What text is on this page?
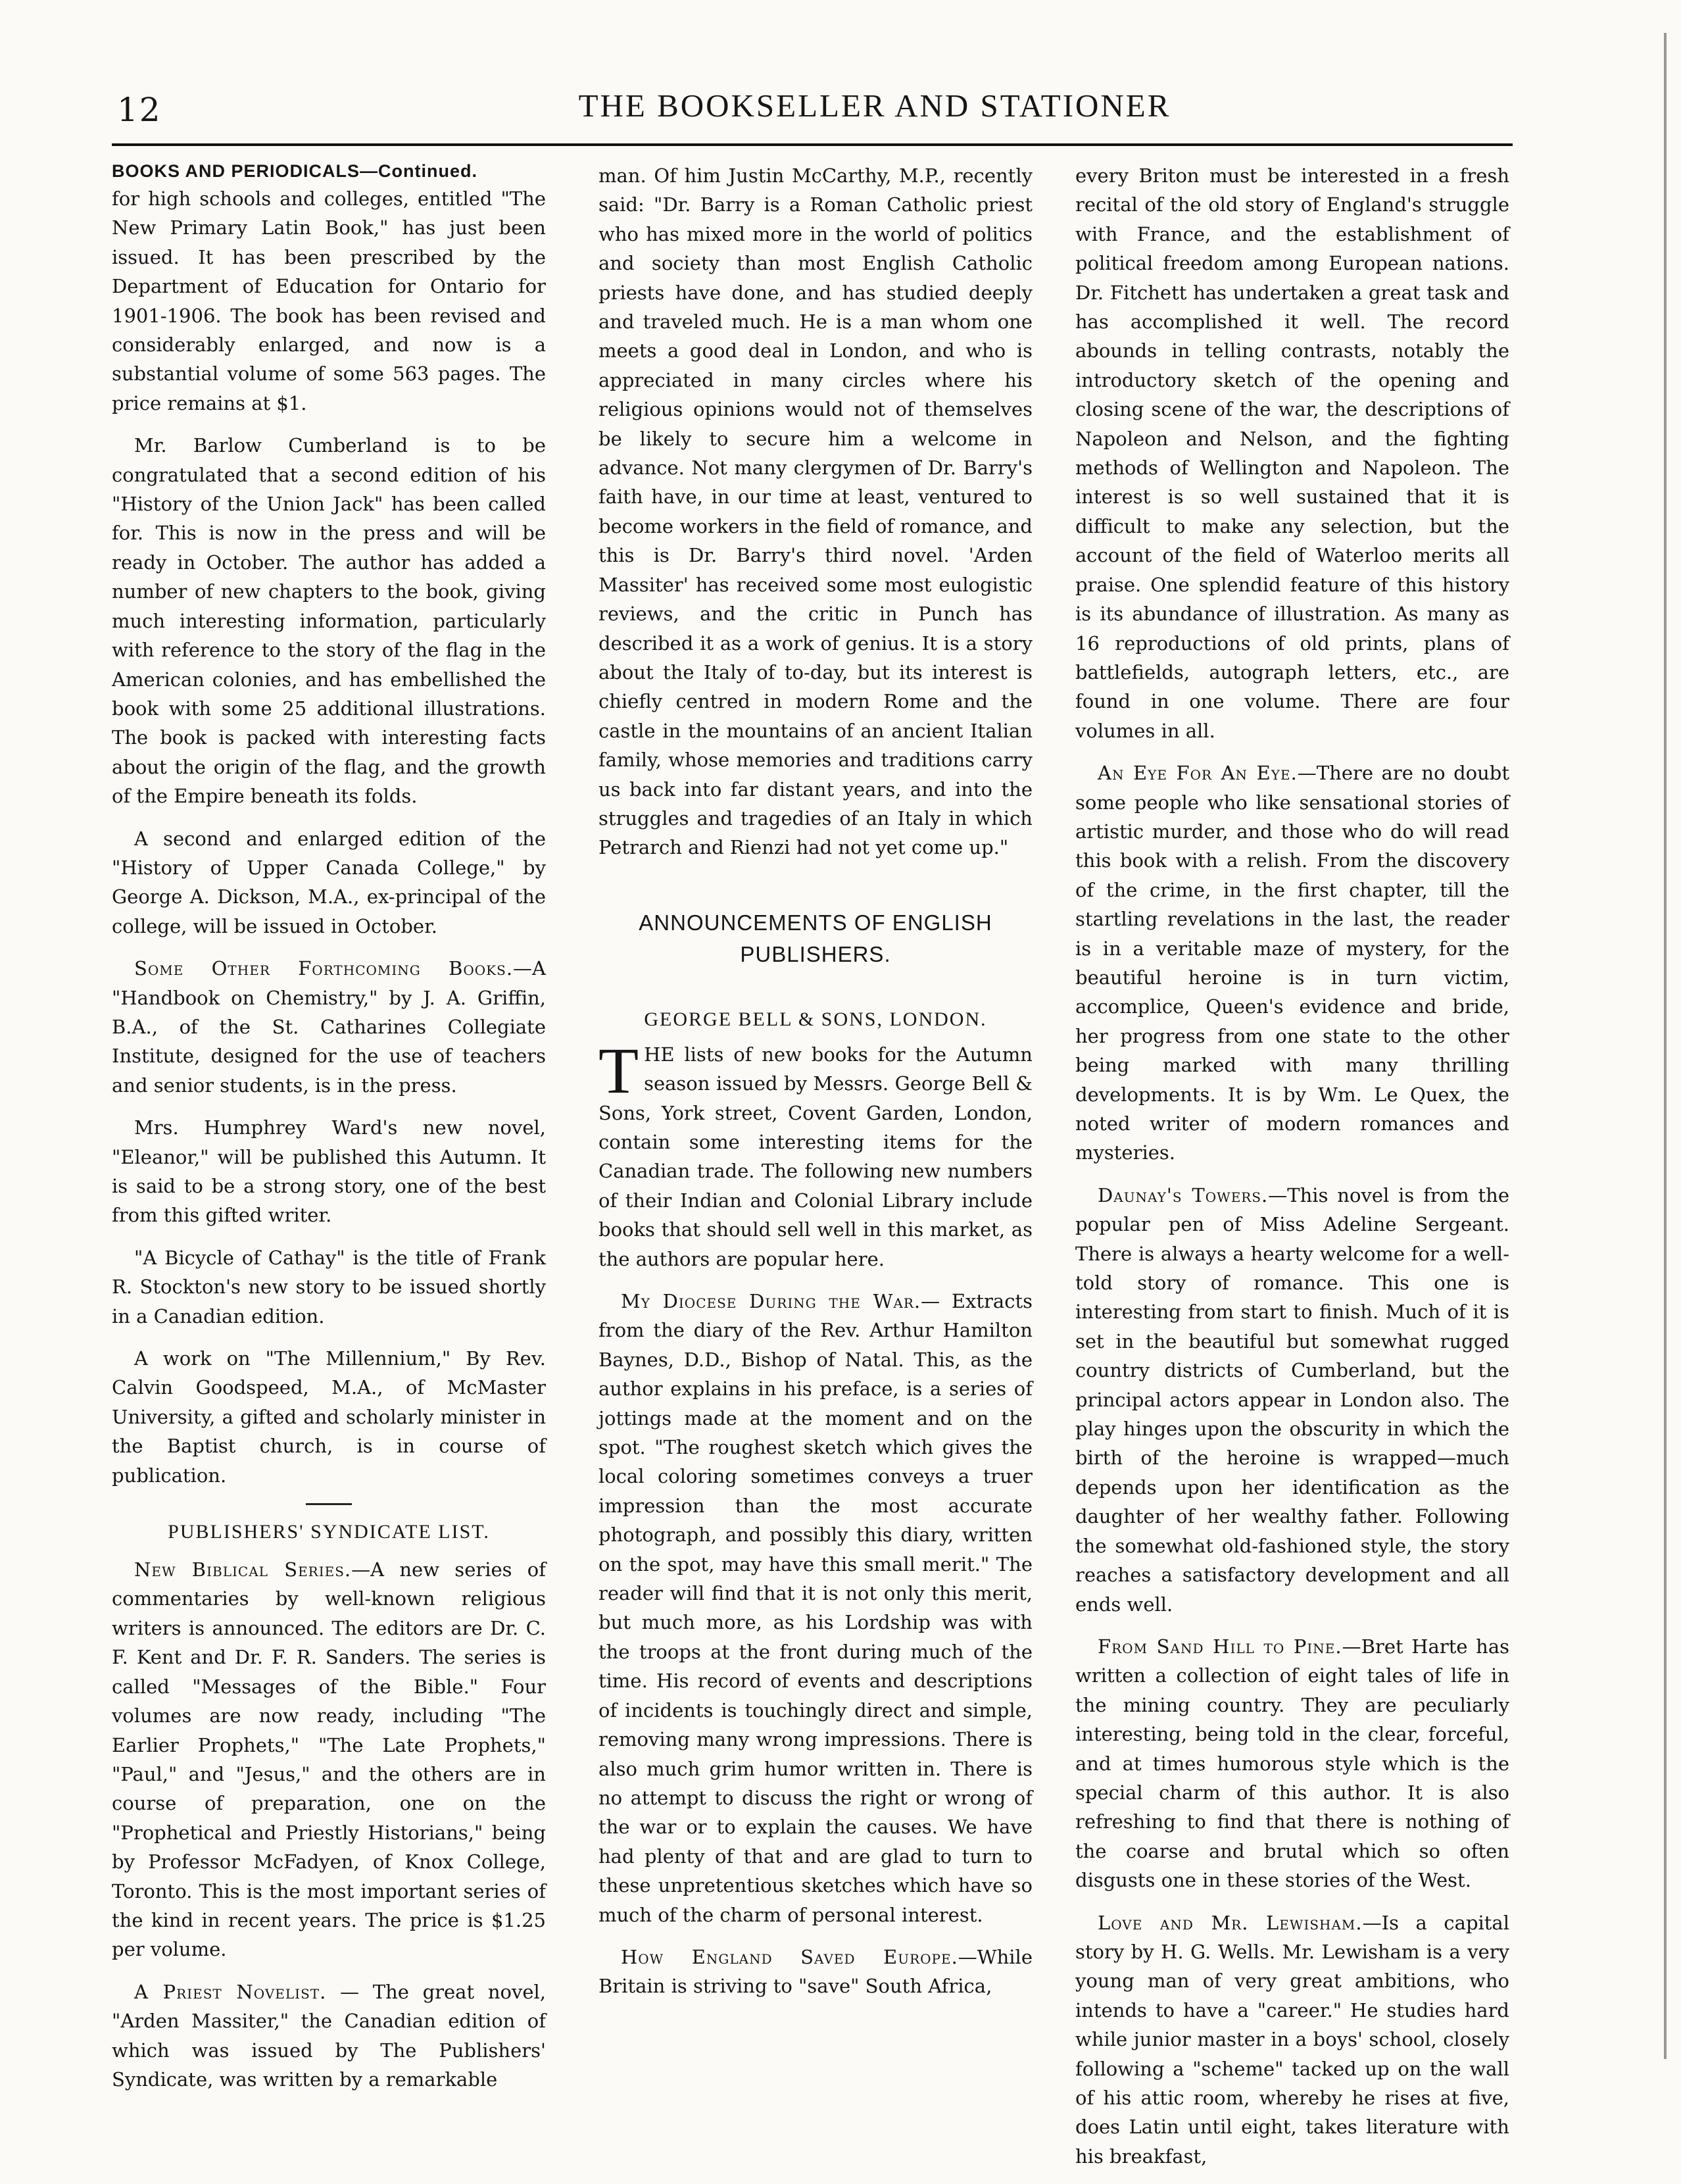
12	THE BOOKSELLER AND STATIONER
BOOKS AND PERIODICALS—Continued.

for high schools and colleges, entitled "The New Primary Latin Book," has just been issued. It has been prescribed by the Department of Education for Ontario for 1901-1906. The book has been revised and considerably enlarged, and now is a substantial volume of some 563 pages. The price remains at $1.

Mr. Barlow Cumberland is to be congratulated that a second edition of his "History of the Union Jack" has been called for. This is now in the press and will be ready in October. The author has added a number of new chapters to the book, giving much interesting information, particularly with reference to the story of the flag in the American colonies, and has embellished the book with some 25 additional illustrations. The book is packed with interesting facts about the origin of the flag, and the growth of the Empire beneath its folds.

A second and enlarged edition of the "History of Upper Canada College," by George A. Dickson, M.A., ex-principal of the college, will be issued in October.

Some Other Forthcoming Books.—A "Handbook on Chemistry," by J. A. Griffin, B.A., of the St. Catharines Collegiate Institute, designed for the use of teachers and senior students, is in the press.

Mrs. Humphrey Ward's new novel, "Eleanor," will be published this Autumn. It is said to be a strong story, one of the best from this gifted writer.

"A Bicycle of Cathay" is the title of Frank R. Stockton's new story to be issued shortly in a Canadian edition.

A work on "The Millennium," By Rev. Calvin Goodspeed, M.A., of McMaster University, a gifted and scholarly minister in the Baptist church, is in course of publication.

PUBLISHERS' SYNDICATE LIST.

New Biblical Series.—A new series of commentaries by well-known religious writers is announced. The editors are Dr. C. F. Kent and Dr. F. R. Sanders. The series is called "Messages of the Bible." Four volumes are now ready, including "The Earlier Prophets," "The Late Prophets," "Paul," and "Jesus," and the others are in course of preparation, one on the "Prophetical and Priestly Historians," being by Professor McFadyen, of Knox College, Toronto. This is the most important series of the kind in recent years. The price is $1.25 per volume.

A Priest Novelist. — The great novel, "Arden Massiter," the Canadian edition of which was issued by The Publishers' Syndicate, was written by a remarkable

man. Of him Justin McCarthy, M.P., recently said: "Dr. Barry is a Roman Catholic priest who has mixed more in the world of politics and society than most English Catholic priests have done, and has studied deeply and traveled much. He is a man whom one meets a good deal in London, and who is appreciated in many circles where his religious opinions would not of themselves be likely to secure him a welcome in advance. Not many clergymen of Dr. Barry's faith have, in our time at least, ventured to become workers in the field of romance, and this is Dr. Barry's third novel. 'Arden Massiter' has received some most eulogistic reviews, and the critic in Punch has described it as a work of genius. It is a story about the Italy of to-day, but its interest is chiefly centred in modern Rome and the castle in the mountains of an ancient Italian family, whose memories and traditions carry us back into far distant years, and into the struggles and tragedies of an Italy in which Petrarch and Rienzi had not yet come up."

ANNOUNCEMENTS OF ENGLISH
PUBLISHERS.
GEORGE BELL & SONS, LONDON.

THE lists of new books for the Autumn season issued by Messrs. George Bell & Sons, York street, Covent Garden, London, contain some interesting items for the Canadian trade. The following new numbers of their Indian and Colonial Library include books that should sell well in this market, as the authors are popular here.

My Diocese During the War.— Extracts from the diary of the Rev. Arthur Hamilton Baynes, D.D., Bishop of Natal. This, as the author explains in his preface, is a series of jottings made at the moment and on the spot. "The roughest sketch which gives the local coloring sometimes conveys a truer impression than the most accurate photograph, and possibly this diary, written on the spot, may have this small merit." The reader will find that it is not only this merit, but much more, as his Lordship was with the troops at the front during much of the time. His record of events and descriptions of incidents is touchingly direct and simple, removing many wrong impressions. There is also much grim humor written in. There is no attempt to discuss the right or wrong of the war or to explain the causes. We have had plenty of that and are glad to turn to these unpretentious sketches which have so much of the charm of personal interest.

How England Saved Europe.—While Britain is striving to "save" South Africa,

every Briton must be interested in a fresh recital of the old story of England's struggle with France, and the establishment of political freedom among European nations. Dr. Fitchett has undertaken a great task and has accomplished it well. The record abounds in telling contrasts, notably the introductory sketch of the opening and closing scene of the war, the descriptions of Napoleon and Nelson, and the fighting methods of Wellington and Napoleon. The interest is so well sustained that it is difficult to make any selection, but the account of the field of Waterloo merits all praise. One splendid feature of this history is its abundance of illustration. As many as 16 reproductions of old prints, plans of battlefields, autograph letters, etc., are found in one volume. There are four volumes in all.

An Eye For An Eye.—There are no doubt some people who like sensational stories of artistic murder, and those who do will read this book with a relish. From the discovery of the crime, in the first chapter, till the startling revelations in the last, the reader is in a veritable maze of mystery, for the beautiful heroine is in turn victim, accomplice, Queen's evidence and bride, her progress from one state to the other being marked with many thrilling developments. It is by Wm. Le Quex, the noted writer of modern romances and mysteries.

Daunay's Towers.—This novel is from the popular pen of Miss Adeline Sergeant. There is always a hearty welcome for a well-told story of romance. This one is interesting from start to finish. Much of it is set in the beautiful but somewhat rugged country districts of Cumberland, but the principal actors appear in London also. The play hinges upon the obscurity in which the birth of the heroine is wrapped—much depends upon her identification as the daughter of her wealthy father. Following the somewhat old-fashioned style, the story reaches a satisfactory development and all ends well.

From Sand Hill to Pine.—Bret Harte has written a collection of eight tales of life in the mining country. They are peculiarly interesting, being told in the clear, forceful, and at times humorous style which is the special charm of this author. It is also refreshing to find that there is nothing of the coarse and brutal which so often disgusts one in these stories of the West.

Love and Mr. Lewisham.—Is a capital story by H. G. Wells. Mr. Lewisham is a very young man of very great ambitions, who intends to have a "career." He studies hard while junior master in a boys' school, closely following a "scheme" tacked up on the wall of his attic room, whereby he rises at five, does Latin until eight, takes literature with his breakfast,
